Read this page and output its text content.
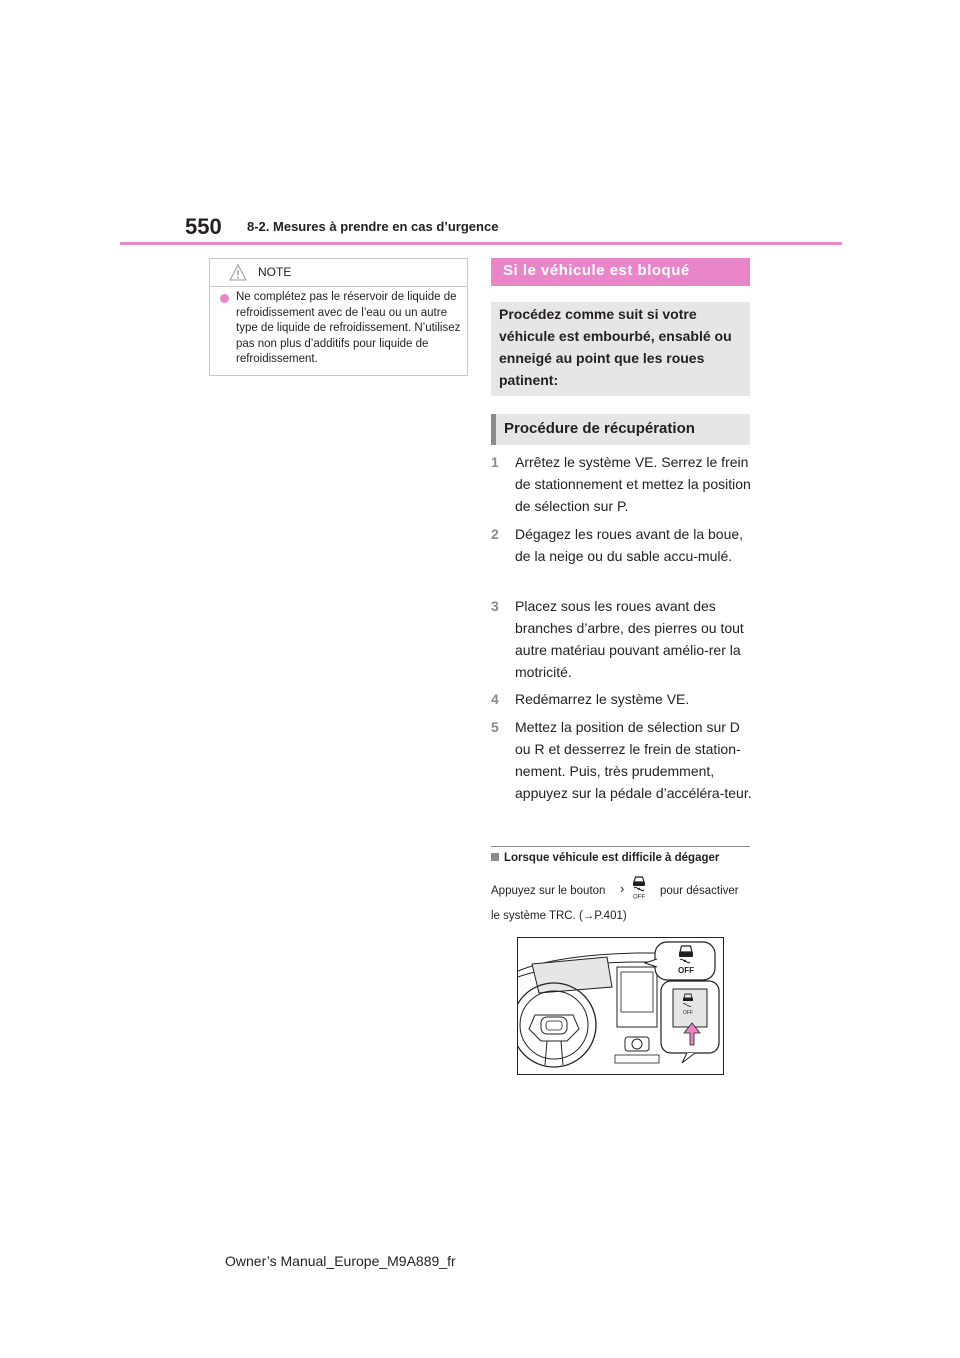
550 8-2. Mesures à prendre en cas d’urgence
NOTE
Ne complétez pas le réservoir de liquide de refroidissement avec de l’eau ou un autre type de liquide de refroidissement. N’utilisez pas non plus d’additifs pour liquide de refroidissement.
Si le véhicule est bloqué
Procédez comme suit si votre véhicule est embourbé, ensablé ou enneigé au point que les roues patinent:
Procédure de récupération
1 Arrêtez le système VE. Serrez le frein de stationnement et mettez la position de sélection sur P.
2 Dégagez les roues avant de la boue, de la neige ou du sable accu-mulé.
3 Placez sous les roues avant des branches d’arbre, des pierres ou tout autre matériau pouvant amélio-rer la motricité.
4 Redémarrez le système VE.
5 Mettez la position de sélection sur D ou R et desserrez le frein de station-nement. Puis, très prudemment, appuyez sur la pédale d’accéléra-teur.
Lorsque véhicule est difficile à dégager
Appuyez sur le bouton ›
OFF
pour désactiver
le système TRC. (→P.401)
OFF
OFF
Owner’s Manual_Europe_M9A889_fr
